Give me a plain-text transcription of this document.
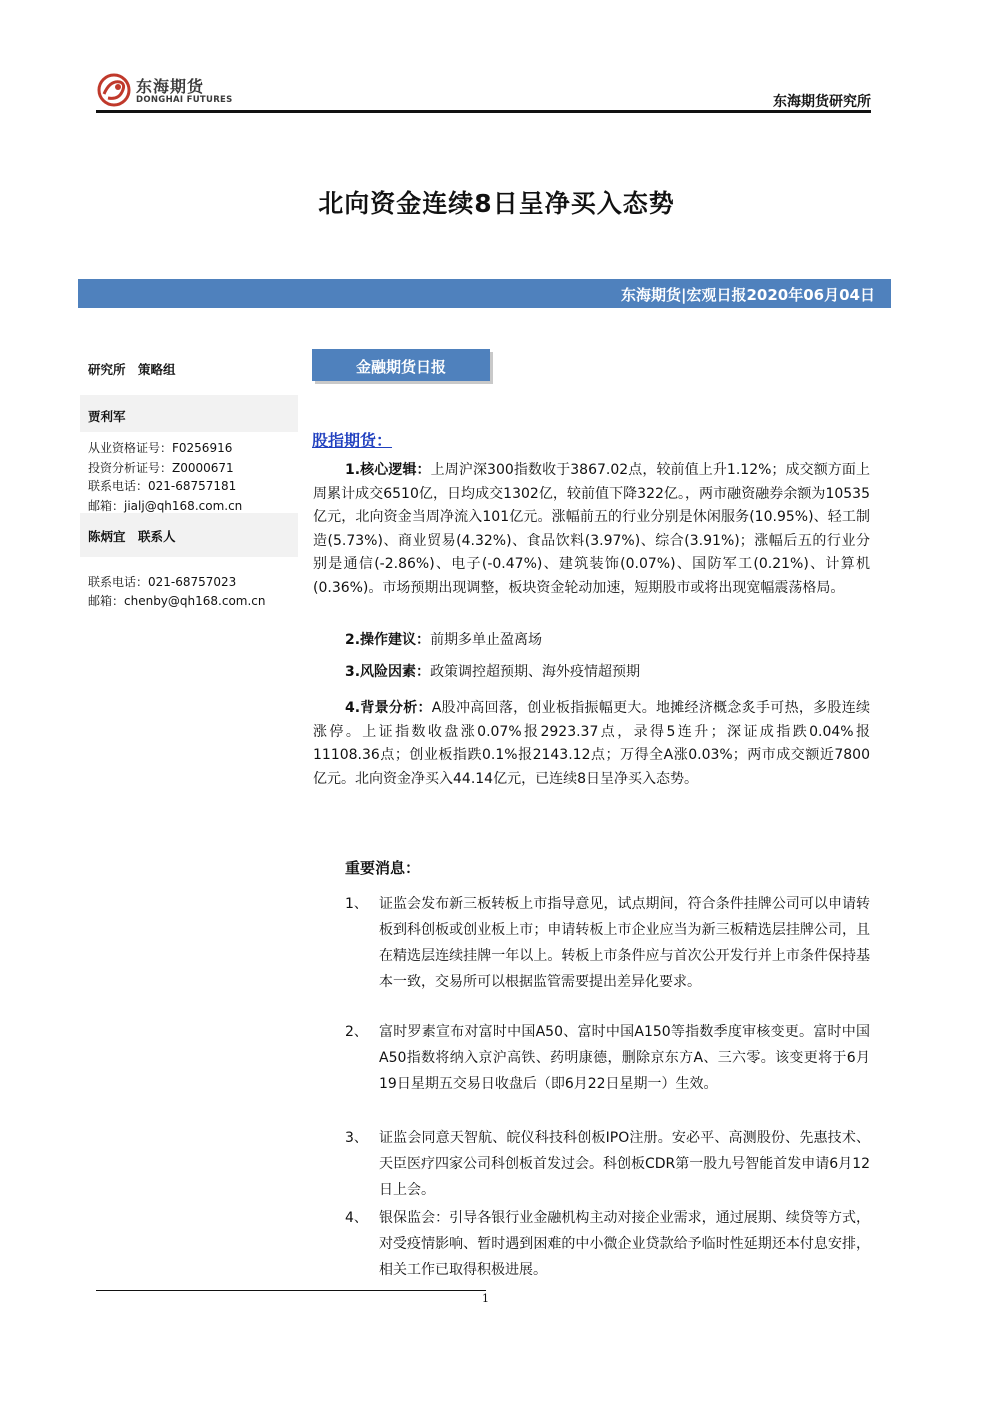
东海期货
DONGHAI FUTURES	东海期货研究所
北向资金连续8日呈净买入态势
东海期货|宏观日报2020年06月04日
研究所　策略组
贾利军
从业资格证号：F0256916
投资分析证号：Z0000671
联系电话：021-68757181
邮箱：jialj@qh168.com.cn
陈炳宜　联系人
联系电话：021-68757023
邮箱：chenby@qh168.com.cn
金融期货日报
股指期货：
1.核心逻辑：上周沪深300指数收于3867.02点，较前值上升1.12%；成交额方面上周累计成交6510亿，日均成交1302亿，较前值下降322亿。，两市融资融券余额为10535亿元，北向资金当周净流入101亿元。涨幅前五的行业分别是休闲服务(10.95%)、轻工制造(5.73%)、商业贸易(4.32%)、食品饮料(3.97%)、综合(3.91%)；涨幅后五的行业分别是通信(-2.86%)、电子(-0.47%)、建筑装饰(0.07%)、国防军工(0.21%)、计算机(0.36%)。市场预期出现调整，板块资金轮动加速，短期股市或将出现宽幅震荡格局。
2.操作建议：前期多单止盈离场
3.风险因素：政策调控超预期、海外疫情超预期
4.背景分析：A股冲高回落，创业板指振幅更大。地摊经济概念炙手可热，多股连续涨停。上证指数收盘涨0.07%报2923.37点，录得5连升；深证成指跌0.04%报11108.36点；创业板指跌0.1%报2143.12点；万得全A涨0.03%；两市成交额近7800亿元。北向资金净买入44.14亿元，已连续8日呈净买入态势。
重要消息：
1、 证监会发布新三板转板上市指导意见，试点期间，符合条件挂牌公司可以申请转板到科创板或创业板上市；申请转板上市企业应当为新三板精选层挂牌公司，且在精选层连续挂牌一年以上。转板上市条件应与首次公开发行并上市条件保持基本一致，交易所可以根据监管需要提出差异化要求。
2、 富时罗素宣布对富时中国A50、富时中国A150等指数季度审核变更。富时中国A50指数将纳入京沪高铁、药明康德，删除京东方A、三六零。该变更将于6月19日星期五交易日收盘后（即6月22日星期一）生效。
3、 证监会同意天智航、皖仪科技科创板IPO注册。安必平、高测股份、先惠技术、天臣医疗四家公司科创板首发过会。科创板CDR第一股九号智能首发申请6月12日上会。
4、 银保监会：引导各银行业金融机构主动对接企业需求，通过展期、续贷等方式，对受疫情影响、暂时遇到困难的中小微企业贷款给予临时性延期还本付息安排，相关工作已取得积极进展。
1
